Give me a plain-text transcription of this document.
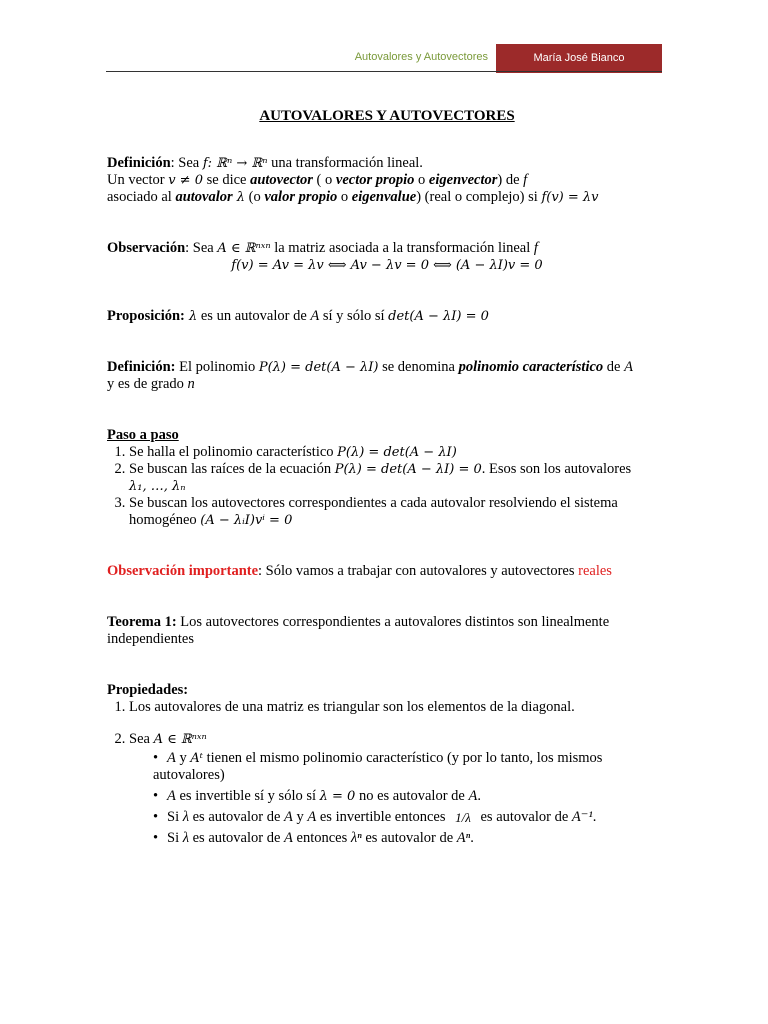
Autovalores y Autovectores	María José Bianco
AUTOVALORES Y AUTOVECTORES

Definición: Sea f: ℝⁿ → ℝⁿ una transformación lineal.

Un vector v ≠ 0 se dice autovector ( o vector propio o eigenvector) de f

asociado al autovalor λ (o valor propio o eigenvalue) (real o complejo) si f(v) = λv

Observación: Sea A ∈ ℝⁿˣⁿ la matriz asociada a la transformación lineal f

f(v) = Av = λv ⟺ Av − λv = 0 ⟺ (A − λI)v = 0

Proposición: λ es un autovalor de A sí y sólo sí det(A − λI) = 0

Definición: El polinomio P(λ) = det(A − λI) se denomina polinomio característico de A

y es de grado n

Paso a paso

1. Se halla el polinomio característico P(λ) = det(A − λI)
2. Se buscan las raíces de la ecuación P(λ) = det(A − λI) = 0. Esos son los autovalores
λ₁, …, λₙ
3. Se buscan los autovectores correspondientes a cada autovalor resolviendo el sistema
homogéneo (A − λᵢI)vⁱ = 0

Observación importante: Sólo vamos a trabajar con autovalores y autovectores reales

Teorema 1: Los autovectores correspondientes a autovalores distintos son linealmente

independientes

Propiedades:

1. Los autovalores de una matriz es triangular son los elementos de la diagonal.
2. Sea A ∈ ℝⁿˣⁿ
• A y Aᵗ tienen el mismo polinomio característico (y por lo tanto, los mismos
autovalores)
• A es invertible sí y sólo sí λ = 0 no es autovalor de A.
• Si λ es autovalor de A y A es invertible entonces 1/λ es autovalor de A⁻¹.
• Si λ es autovalor de A entonces λⁿ es autovalor de Aⁿ.
